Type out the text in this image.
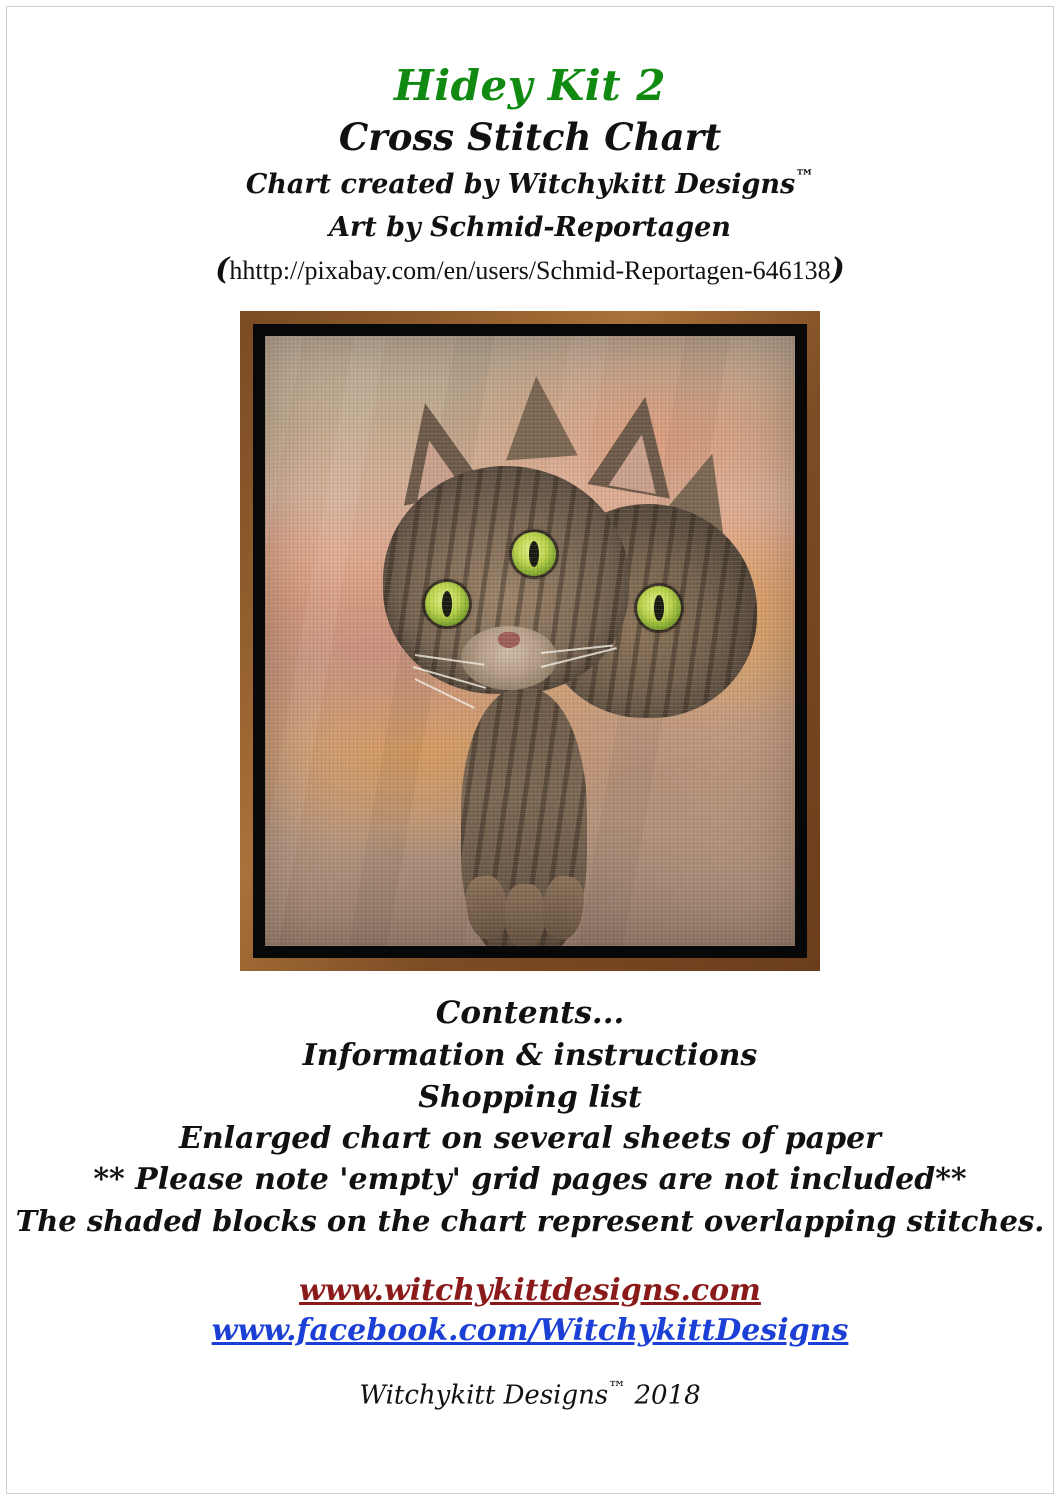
Hidey Kit 2
Cross Stitch Chart
Chart created by Witchykitt Designs™
Art by Schmid-Reportagen
(hhttp://pixabay.com/en/users/Schmid-Reportagen-646138)
Contents...
Information & instructions
Shopping list
Enlarged chart on several sheets of paper
** Please note 'empty' grid pages are not included**
The shaded blocks on the chart represent overlapping stitches.
www.witchykittdesigns.com
www.facebook.com/WitchykittDesigns
Witchykitt Designs™ 2018
